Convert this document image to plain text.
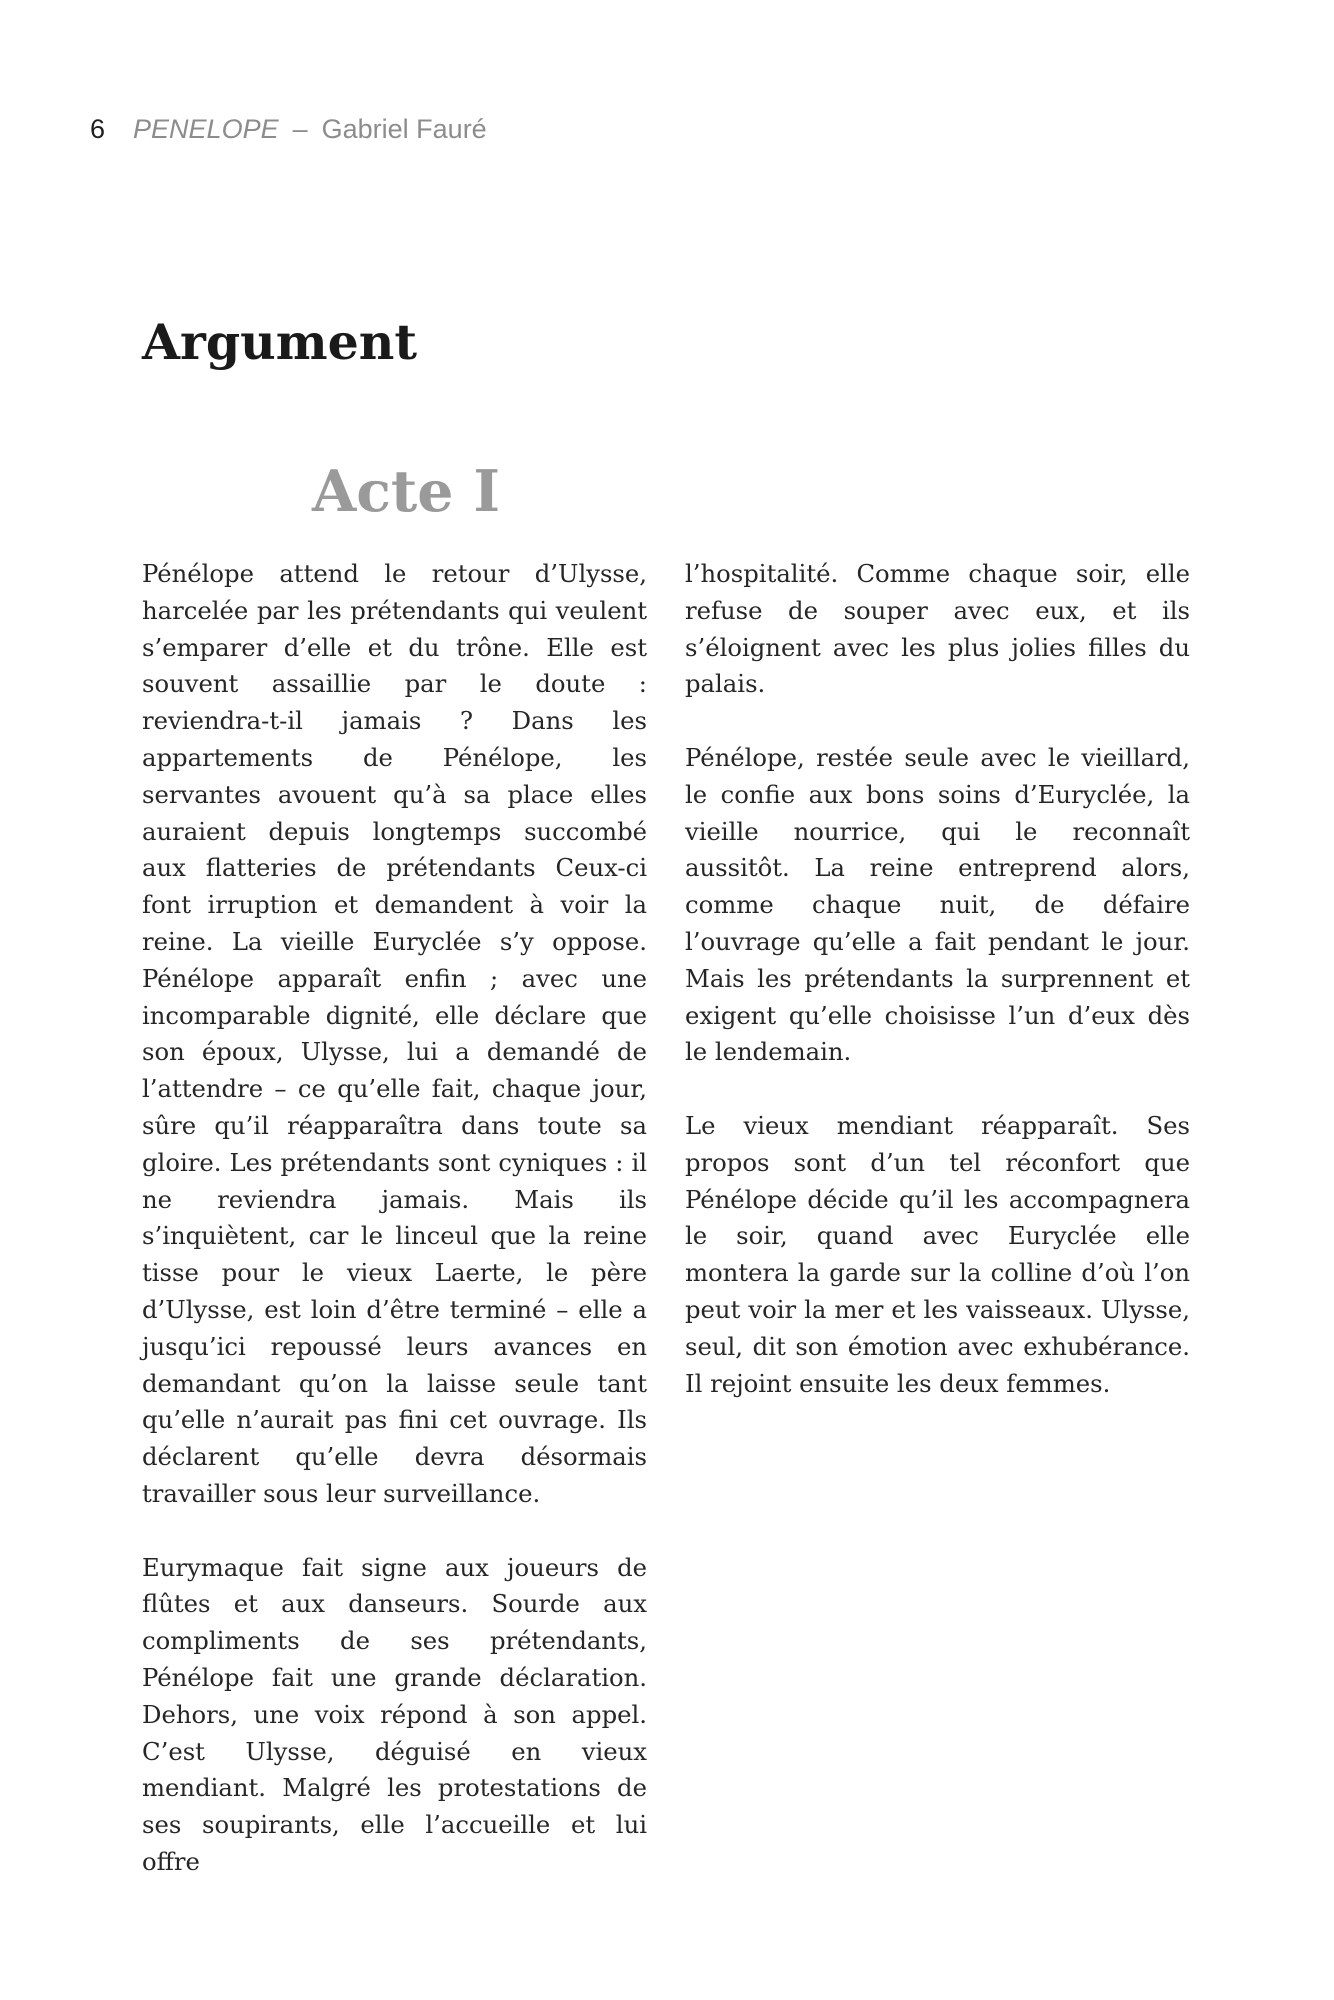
6 PENELOPE – Gabriel Fauré
Argument
Acte I

Pénélope attend le retour d’Ulysse, harcelée par les prétendants qui veulent s’emparer d’elle et du trône. Elle est souvent assaillie par le doute : reviendra-t-il jamais ? Dans les appartements de Pénélope, les servantes avouent qu’à sa place elles auraient depuis longtemps succombé aux flatteries de prétendants Ceux-ci font irruption et demandent à voir la reine. La vieille Euryclée s’y oppose. Pénélope apparaît enfin ; avec une incomparable dignité, elle déclare que son époux, Ulysse, lui a demandé de l’attendre – ce qu’elle fait, chaque jour, sûre qu’il réapparaîtra dans toute sa gloire. Les prétendants sont cyniques : il ne reviendra jamais. Mais ils s’inquiètent, car le linceul que la reine tisse pour le vieux Laerte, le père d’Ulysse, est loin d’être terminé – elle a jusqu’ici repoussé leurs avances en demandant qu’on la laisse seule tant qu’elle n’aurait pas fini cet ouvrage. Ils déclarent qu’elle devra désormais travailler sous leur surveillance.

Eurymaque fait signe aux joueurs de flûtes et aux danseurs. Sourde aux compliments de ses prétendants, Pénélope fait une grande déclaration. Dehors, une voix répond à son appel. C’est Ulysse, déguisé en vieux mendiant. Malgré les protestations de ses soupirants, elle l’accueille et lui offre

l’hospitalité. Comme chaque soir, elle refuse de souper avec eux, et ils s’éloignent avec les plus jolies filles du palais.

Pénélope, restée seule avec le vieillard, le confie aux bons soins d’Euryclée, la vieille nourrice, qui le reconnaît aussitôt. La reine entreprend alors, comme chaque nuit, de défaire l’ouvrage qu’elle a fait pendant le jour. Mais les prétendants la surprennent et exigent qu’elle choisisse l’un d’eux dès le lendemain.

Le vieux mendiant réapparaît. Ses propos sont d’un tel réconfort que Pénélope décide qu’il les accompagnera le soir, quand avec Euryclée elle montera la garde sur la colline d’où l’on peut voir la mer et les vaisseaux. Ulysse, seul, dit son émotion avec exhubérance. Il rejoint ensuite les deux femmes.
